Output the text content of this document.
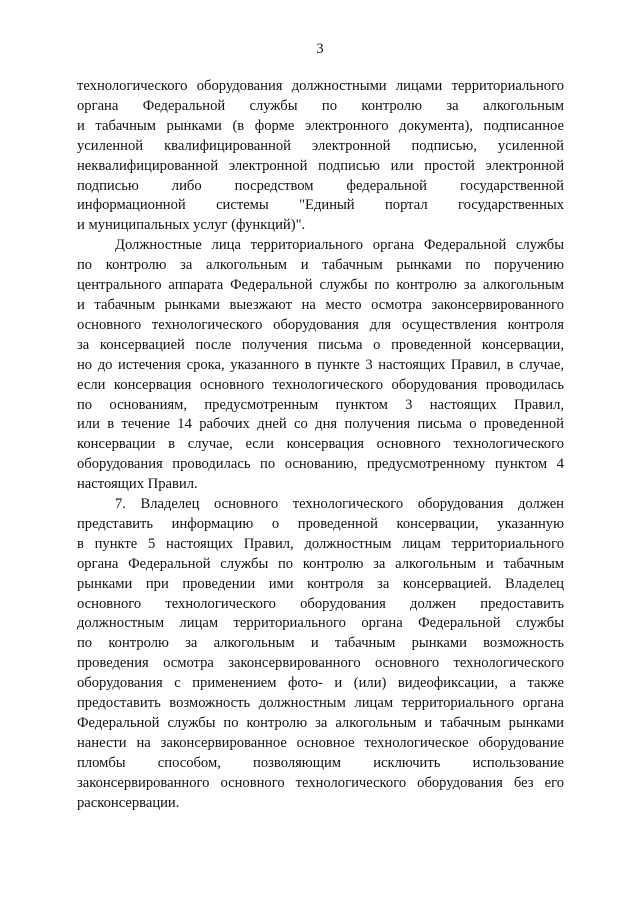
3
технологического оборудования должностными лицами территориального
органа Федеральной службы по контролю за алкогольным
и табачным рынками (в форме электронного документа), подписанное
усиленной квалифицированной электронной подписью, усиленной
неквалифицированной электронной подписью или простой электронной
подписью либо посредством федеральной государственной
информационной системы "Единый портал государственных
и муниципальных услуг (функций)".
Должностные лица территориального органа Федеральной службы
по контролю за алкогольным и табачным рынками по поручению
центрального аппарата Федеральной службы по контролю за алкогольным
и табачным рынками выезжают на место осмотра законсервированного
основного технологического оборудования для осуществления контроля
за консервацией после получения письма о проведенной консервации,
но до истечения срока, указанного в пункте 3 настоящих Правил, в случае,
если консервация основного технологического оборудования проводилась
по основаниям, предусмотренным пунктом 3 настоящих Правил,
или в течение 14 рабочих дней со дня получения письма о проведенной
консервации в случае, если консервация основного технологического
оборудования проводилась по основанию, предусмотренному пунктом 4
настоящих Правил.
7. Владелец основного технологического оборудования должен
представить информацию о проведенной консервации, указанную
в пункте 5 настоящих Правил, должностным лицам территориального
органа Федеральной службы по контролю за алкогольным и табачным
рынками при проведении ими контроля за консервацией. Владелец
основного технологического оборудования должен предоставить
должностным лицам территориального органа Федеральной службы
по контролю за алкогольным и табачным рынками возможность
проведения осмотра законсервированного основного технологического
оборудования с применением фото- и (или) видеофиксации, а также
предоставить возможность должностным лицам территориального органа
Федеральной службы по контролю за алкогольным и табачным рынками
нанести на законсервированное основное технологическое оборудование
пломбы способом, позволяющим исключить использование
законсервированного основного технологического оборудования без его
расконсервации.
